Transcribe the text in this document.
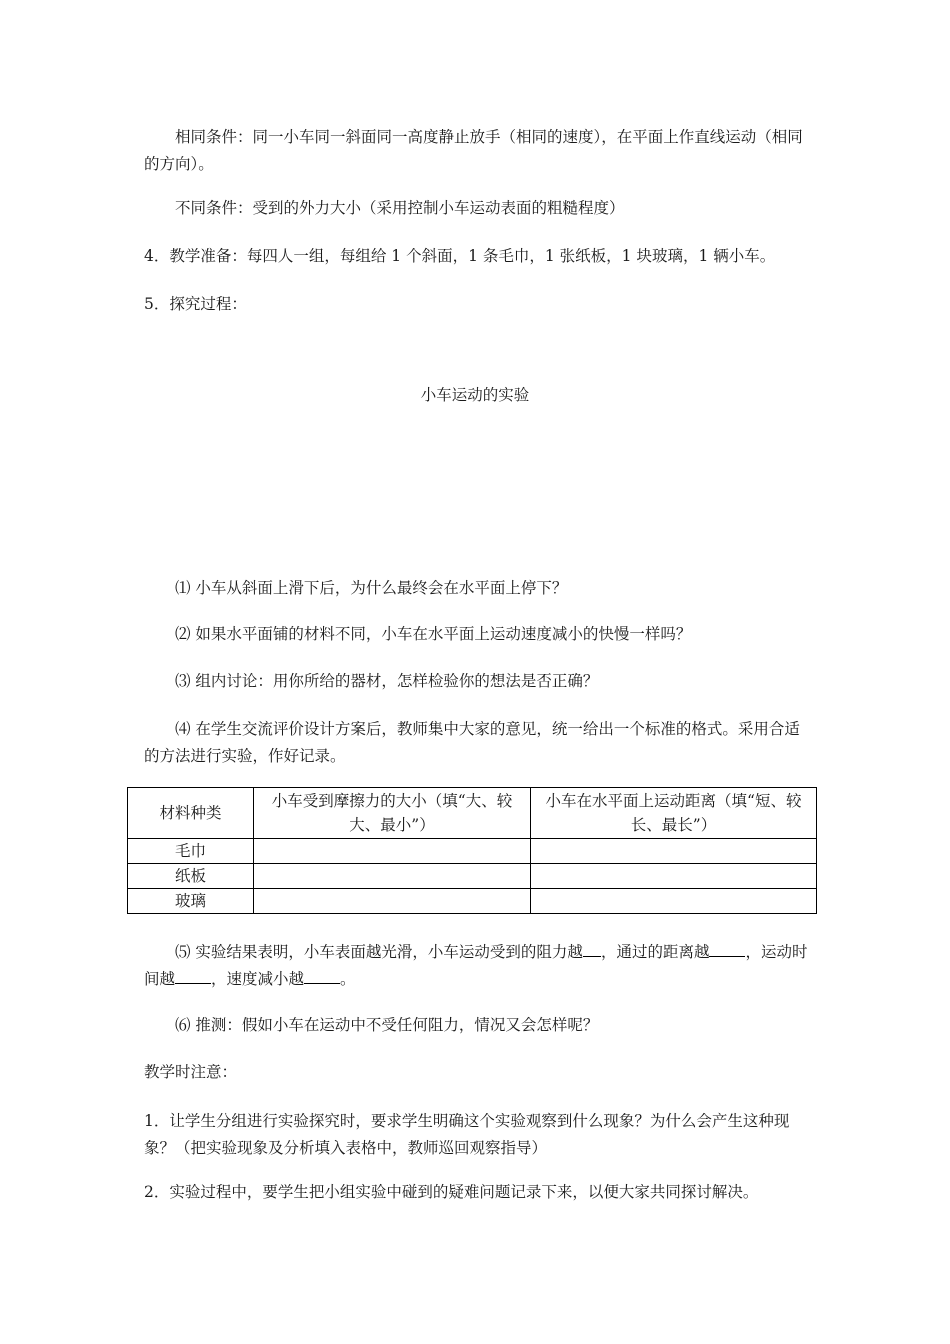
相同条件：同一小车同一斜面同一高度静止放手（相同的速度），在平面上作直线运动（相同的方向）。
不同条件：受到的外力大小（采用控制小车运动表面的粗糙程度）
4．教学准备：每四人一组，每组给 1 个斜面，1 条毛巾，1 张纸板，1 块玻璃，1 辆小车。
5．探究过程：
小车运动的实验
⑴ 小车从斜面上滑下后，为什么最终会在水平面上停下？
⑵ 如果水平面铺的材料不同，小车在水平面上运动速度减小的快慢一样吗？
⑶ 组内讨论：用你所给的器材，怎样检验你的想法是否正确？
⑷ 在学生交流评价设计方案后，教师集中大家的意见，统一给出一个标准的格式。采用合适的方法进行实验，作好记录。
材料种类	小车受到摩擦力的大小（填“大、较大、最小”）	小车在水平面上运动距离（填“短、较长、最长”）
毛巾		
纸板		
玻璃		
⑸ 实验结果表明，小车表面越光滑，小车运动受到的阻力越 ，通过的距离越 ，运动时间越 ，速度减小越 。
⑹ 推测：假如小车在运动中不受任何阻力，情况又会怎样呢？
教学时注意：
1．让学生分组进行实验探究时，要求学生明确这个实验观察到什么现象？为什么会产生这种现象？（把实验现象及分析填入表格中，教师巡回观察指导）
2．实验过程中，要学生把小组实验中碰到的疑难问题记录下来，以便大家共同探讨解决。
